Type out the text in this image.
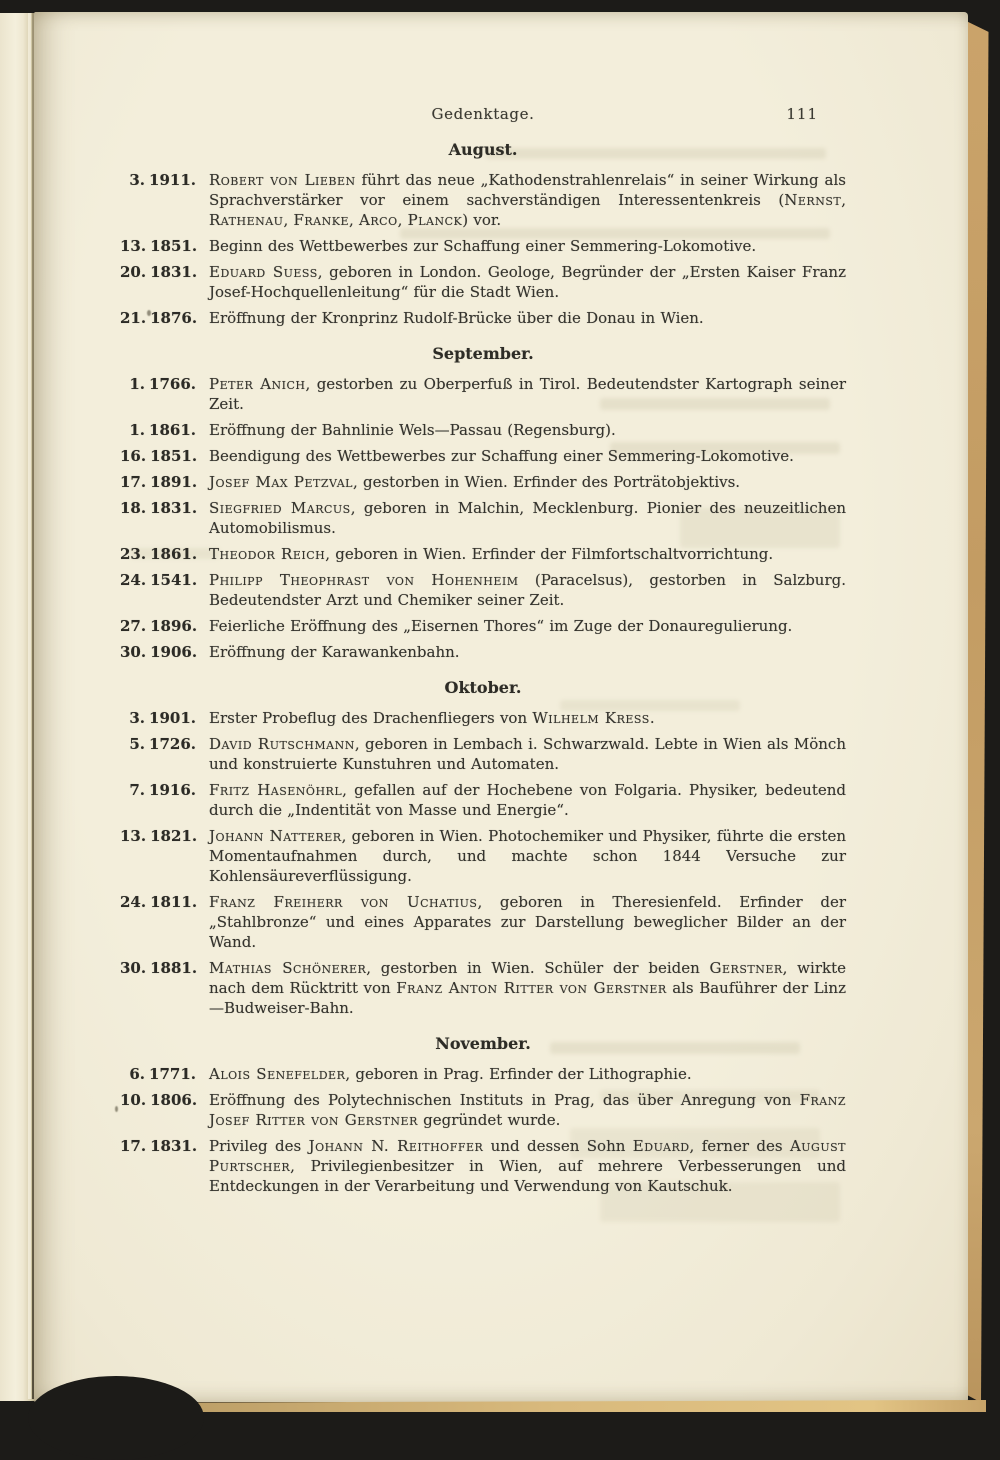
Gedenktage.	111
August.
3. 1911. Robert von Lieben führt das neue „Kathodenstrahlenrelais“ in seiner Wirkung als Sprachverstärker vor einem sachverständigen Interessentenkreis (Nernst, Rathenau, Franke, Arco, Planck) vor.
13. 1851. Beginn des Wettbewerbes zur Schaffung einer Semmering-Lokomotive.
20. 1831. Eduard Suess, geboren in London. Geologe, Begründer der „Ersten Kaiser Franz Josef-Hochquellenleitung“ für die Stadt Wien.
21. 1876. Eröffnung der Kronprinz Rudolf-Brücke über die Donau in Wien.
September.
1. 1766. Peter Anich, gestorben zu Oberperfuß in Tirol. Bedeutendster Kartograph seiner Zeit.
1. 1861. Eröffnung der Bahnlinie Wels—Passau (Regensburg).
16. 1851. Beendigung des Wettbewerbes zur Schaffung einer Semmering-Lokomotive.
17. 1891. Josef Max Petzval, gestorben in Wien. Erfinder des Porträtobjektivs.
18. 1831. Siegfried Marcus, geboren in Malchin, Mecklenburg. Pionier des neuzeitlichen Automobilismus.
23. 1861. Theodor Reich, geboren in Wien. Erfinder der Filmfortschaltvorrichtung.
24. 1541. Philipp Theophrast von Hohenheim (Paracelsus), gestorben in Salzburg. Bedeutendster Arzt und Chemiker seiner Zeit.
27. 1896. Feierliche Eröffnung des „Eisernen Thores“ im Zuge der Donauregulierung.
30. 1906. Eröffnung der Karawankenbahn.
Oktober.
3. 1901. Erster Probeflug des Drachenfliegers von Wilhelm Kress.
5. 1726. David Rutschmann, geboren in Lembach i. Schwarzwald. Lebte in Wien als Mönch und konstruierte Kunstuhren und Automaten.
7. 1916. Fritz Hasenöhrl, gefallen auf der Hochebene von Folgaria. Physiker, bedeutend durch die „Indentität von Masse und Energie“.
13. 1821. Johann Natterer, geboren in Wien. Photochemiker und Physiker, führte die ersten Momentaufnahmen durch, und machte schon 1844 Versuche zur Kohlensäureverflüssigung.
24. 1811. Franz Freiherr von Uchatius, geboren in Theresienfeld. Erfinder der „Stahlbronze“ und eines Apparates zur Darstellung beweglicher Bilder an der Wand.
30. 1881. Mathias Schönerer, gestorben in Wien. Schüler der beiden Gerstner, wirkte nach dem Rücktritt von Franz Anton Ritter von Gerstner als Bauführer der Linz—Budweiser-Bahn.
November.
6. 1771. Alois Senefelder, geboren in Prag. Erfinder der Lithographie.
10. 1806. Eröffnung des Polytechnischen Instituts in Prag, das über Anregung von Franz Josef Ritter von Gerstner gegründet wurde.
17. 1831. Privileg des Johann N. Reithoffer und dessen Sohn Eduard, ferner des August Purtscher, Privilegienbesitzer in Wien, auf mehrere Verbesserungen und Entdeckungen in der Verarbeitung und Verwendung von Kautschuk.
